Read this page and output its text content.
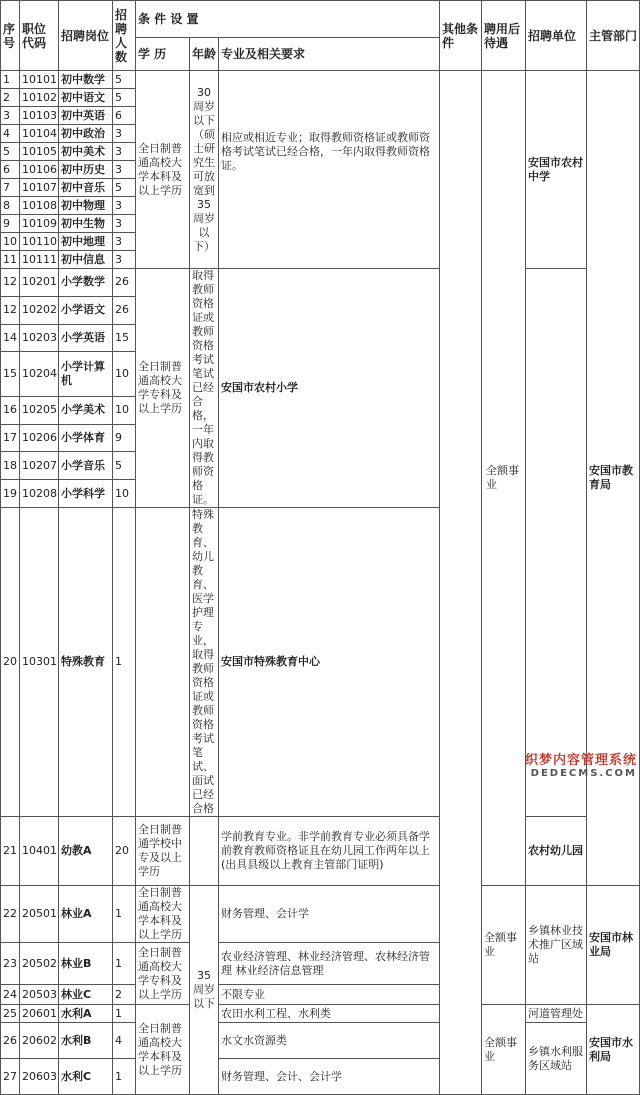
序号	职位代码	招聘岗位	招聘人数	条 件 设 置			其他条件	聘用后待遇	招聘单位	主管部门
				学 历	年龄	专业及相关要求				
1	10101	初中数学	5	全日制普通高校大学本科及以上学历	30周岁以下（硕士研究生可放宽到35周岁以下）	相应或相近专业；取得教师资格证或教师资格考试笔试已经合格，一年内取得教师资格证。		全额事业	安国市农村中学	安国市教育局
2	10102	初中语文	5							
3	10103	初中英语	6							
4	10104	初中政治	3							
5	10105	初中美术	3							
6	10106	初中历史	3							
7	10107	初中音乐	5							
8	10108	初中物理	3							
9	10109	初中生物	3							
10	10110	初中地理	3							
11	10111	初中信息	3							
12	10201	小学数学	26	全日制普通高校大学专科及以上学历	取得教师资格证或教师资格考试笔试已经合格，一年内取得教师资格证。	安国市农村小学				
12	10202	小学语文	26							
14	10203	小学英语	15							
15	10204	小学计算机	10							
16	10205	小学美术	10							
17	10206	小学体育	9							
18	10207	小学音乐	5							
19	10208	小学科学	10							
20	10301	特殊教育	1		特殊教育、幼儿教育、医学护理专业，取得教师资格证或教师资格考试笔试、面试已经合格	安国市特殊教育中心				
21	10401	幼教A	20	全日制普通学校中专及以上学历		学前教育专业。非学前教育专业必须具备学前教育教师资格证且在幼儿园工作两年以上(出具县级以上教育主管部门证明)			农村幼儿园	
22	20501	林业A	1	全日制普通高校大学本科及以上学历	35周岁以下	财务管理、会计学		全额事业	乡镇林业技术推广区域站	安国市林业局
23	20502	林业B	1	全日制普通高校大学专科及以上学历		农业经济管理、林业经济管理、农林经济管理 林业经济信息管理				
24	20503	林业C	2			不限专业				
25	20601	水利A	1	全日制普通高校大学本科及以上学历		农田水利工程、水利类		全额事业	河道管理处	安国市水利局
26	20602	水利B	4			水文水资源类			乡镇水利服务区域站	
27	20603	水利C	1			财务管理、会计、会计学				
织梦内容管理系统
DEDECMS.COM
